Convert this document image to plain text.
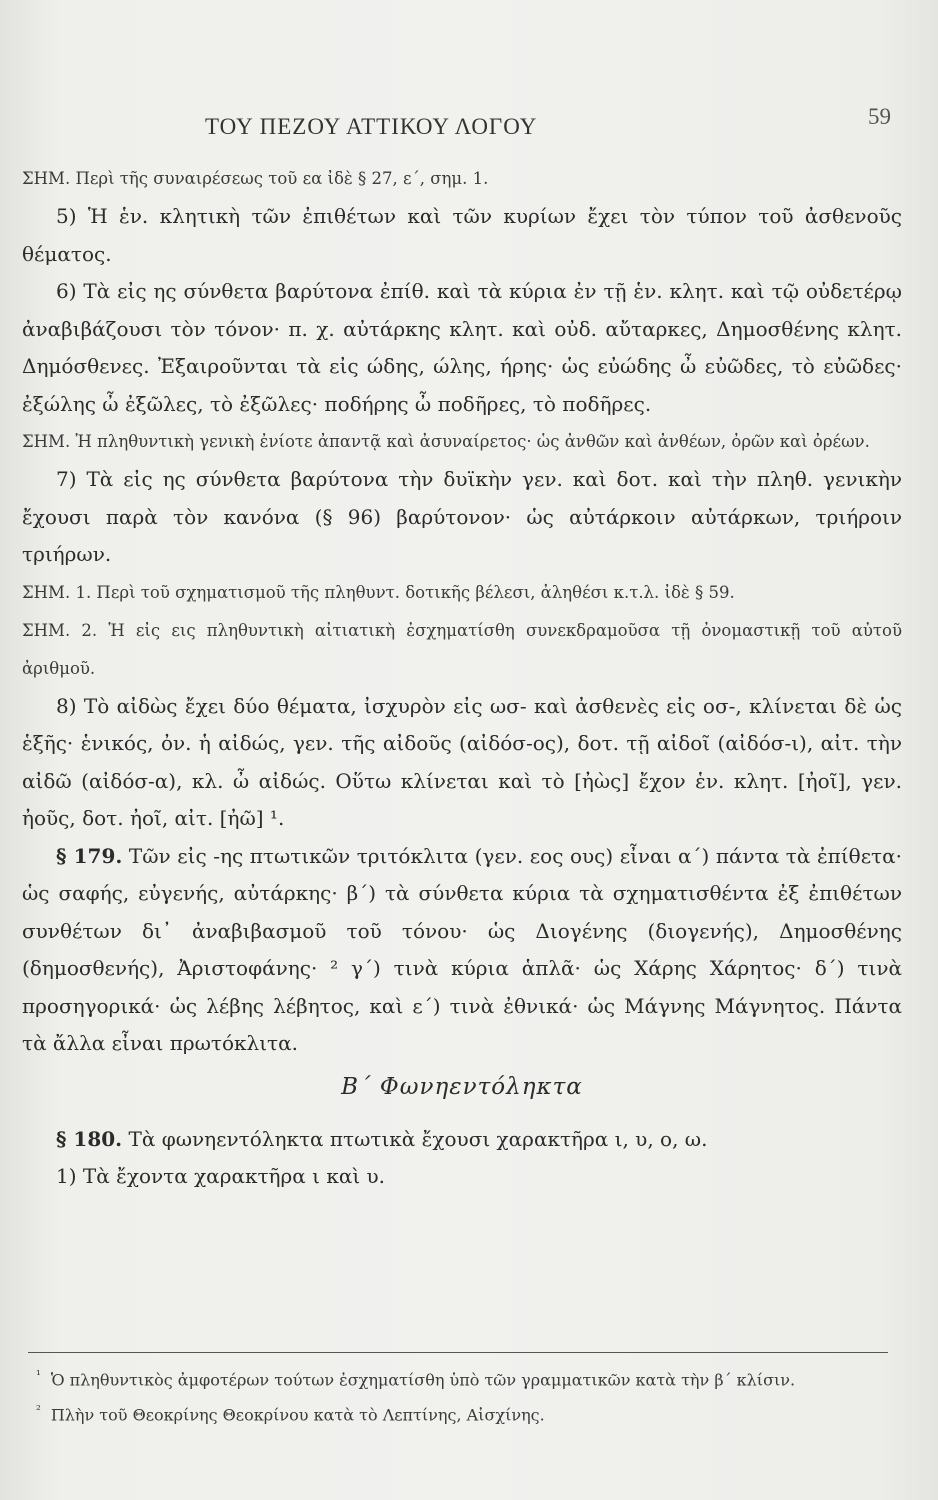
ΤΟΥ ΠΕΖΟΥ ΑΤΤΙΚΟΥ ΛΟΓΟΥ	59

ΣΗΜ. Περὶ τῆς συναιρέσεως τοῦ εα ἰδὲ § 27, ε´, σημ. 1.

5) Ἡ ἑν. κλητικὴ τῶν ἐπιθέτων καὶ τῶν κυρίων ἔχει τὸν τύπον τοῦ ἀσθενοῦς θέματος.

6) Τὰ εἰς ης σύνθετα βαρύτονα ἐπίθ. καὶ τὰ κύρια ἐν τῇ ἑν. κλητ. καὶ τῷ οὐδετέρῳ ἀναβιβάζουσι τὸν τόνον· π. χ. αὐτάρκης κλητ. καὶ οὐδ. αὔταρκες, Δημοσθένης κλητ. Δημόσθενες. Ἐξαιροῦνται τὰ εἰς ώδης, ώλης, ήρης· ὡς εὐώδης ὦ εὐῶδες, τὸ εὐῶδες· ἐξώλης ὦ ἐξῶλες, τὸ ἐξῶλες· ποδήρης ὦ ποδῆρες, τὸ ποδῆρες.

ΣΗΜ. Ἡ πληθυντικὴ γενικὴ ἐνίοτε ἀπαντᾷ καὶ ἀσυναίρετος· ὡς ἀνθῶν καὶ ἀνθέων, ὀρῶν καὶ ὀρέων.

7) Τὰ εἰς ης σύνθετα βαρύτονα τὴν δυϊκὴν γεν. καὶ δοτ. καὶ τὴν πληθ. γενικὴν ἔχουσι παρὰ τὸν κανόνα (§ 96) βαρύτονον· ὡς αὐτάρκοιν αὐτάρκων, τριήροιν τριήρων.

ΣΗΜ. 1. Περὶ τοῦ σχηματισμοῦ τῆς πληθυντ. δοτικῆς βέλεσι, ἀληθέσι κ.τ.λ. ἰδὲ § 59.

ΣΗΜ. 2. Ἡ εἰς εις πληθυντικὴ αἰτιατικὴ ἐσχηματίσθη συνεκδραμοῦσα τῇ ὀνομαστικῇ τοῦ αὐτοῦ ἀριθμοῦ.

8) Τὸ αἰδὼς ἔχει δύο θέματα, ἰσχυρὸν εἰς ωσ- καὶ ἀσθενὲς εἰς οσ-, κλίνεται δὲ ὡς ἑξῆς· ἑνικός, ὀν. ἡ αἰδώς, γεν. τῆς αἰδοῦς (αἰδόσ-ος), δοτ. τῇ αἰδοῖ (αἰδόσ-ι), αἰτ. τὴν αἰδῶ (αἰδόσ-α), κλ. ὦ αἰδώς. Οὕτω κλίνεται καὶ τὸ [ἠὼς] ἔχον ἑν. κλητ. [ἠοῖ], γεν. ἠοῦς, δοτ. ἠοῖ, αἰτ. [ἠῶ] ¹.

§ 179. Τῶν εἰς -ης πτωτικῶν τριτόκλιτα (γεν. εος ους) εἶναι α´) πάντα τὰ ἐπίθετα· ὡς σαφής, εὐγενής, αὐτάρκης· β´) τὰ σύνθετα κύρια τὰ σχηματισθέντα ἐξ ἐπιθέτων συνθέτων δι᾽ ἀναβιβασμοῦ τοῦ τόνου· ὡς Διογένης (διογενής), Δημοσθένης (δημοσθενής), Ἀριστοφάνης· ² γ´) τινὰ κύρια ἁπλᾶ· ὡς Χάρης Χάρητος· δ´) τινὰ προσηγορικά· ὡς λέβης λέβητος, καὶ ε´) τινὰ ἐθνικά· ὡς Μάγνης Μάγνητος. Πάντα τὰ ἄλλα εἶναι πρωτόκλιτα.

Β´ Φωνηεντόληκτα

§ 180. Τὰ φωνηεντόληκτα πτωτικὰ ἔχουσι χαρακτῆρα ι, υ, ο, ω.

1) Τὰ ἔχοντα χαρακτῆρα ι καὶ υ.

$^{^1}$ Ὁ πληθυντικὸς ἀμφοτέρων τούτων ἐσχηματίσθη ὑπὸ τῶν γραμματικῶν κατὰ τὴν β´ κλίσιν.

$^{^2}$ Πλὴν τοῦ Θεοκρίνης Θεοκρίνου κατὰ τὸ Λεπτίνης, Αἰσχίνης.
